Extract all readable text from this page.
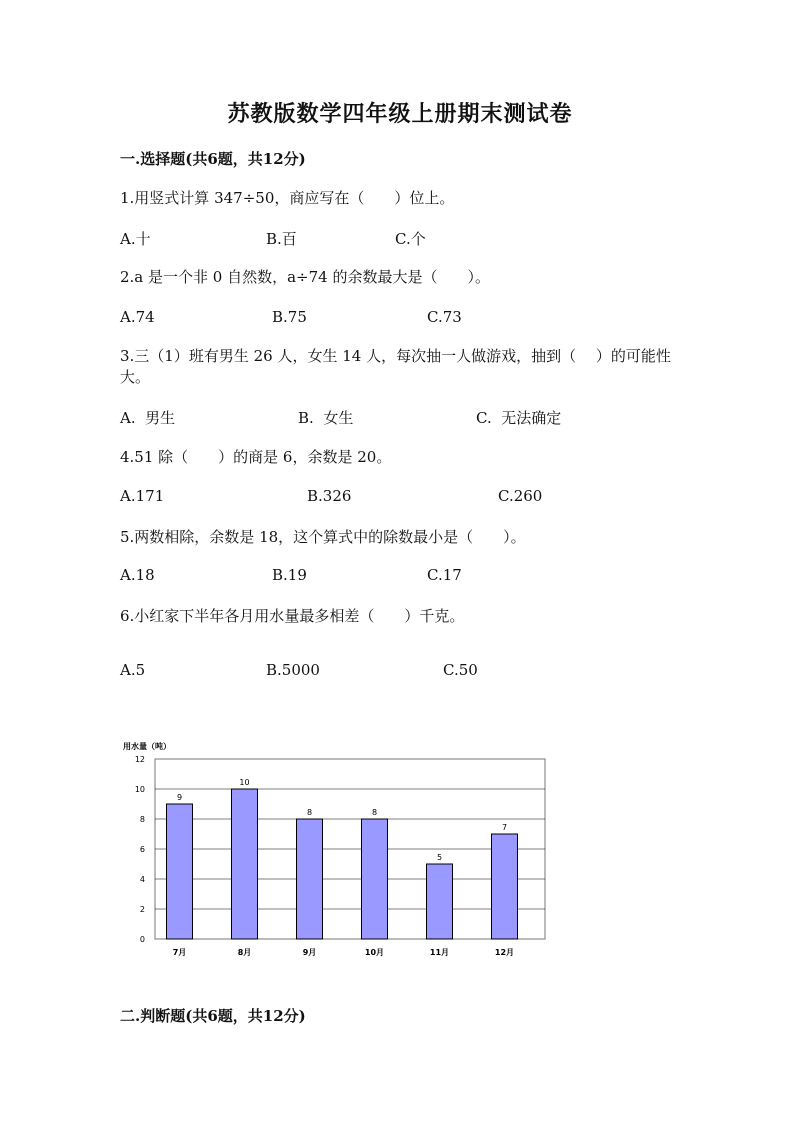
苏教版数学四年级上册期末测试卷
一.选择题(共6题，共12分)
1.用竖式计算 347÷50，商应写在（　　）位上。
A.十	B.百	C.个
2.a 是一个非 0 自然数，a÷74 的余数最大是（　　）。
A.74	B.75	C.73
3.三（1）班有男生 26 人，女生 14 人，每次抽一人做游戏，抽到（　 ）的可能性大。
A.  男生	B.  女生	C.  无法确定
4.51 除（　　）的商是 6，余数是 20。
A.171	B.326	C.260
5.两数相除，余数是 18，这个算式中的除数最小是（　　）。
A.18	B.19	C.17
6.小红家下半年各月用水量最多相差（　　）千克。
A.5	B.5000	C.50
用水量（吨）
0
2
4
6
8
10
12
9
7月
10
8月
8
9月
8
10月
5
11月
7
12月
二.判断题(共6题，共12分)
